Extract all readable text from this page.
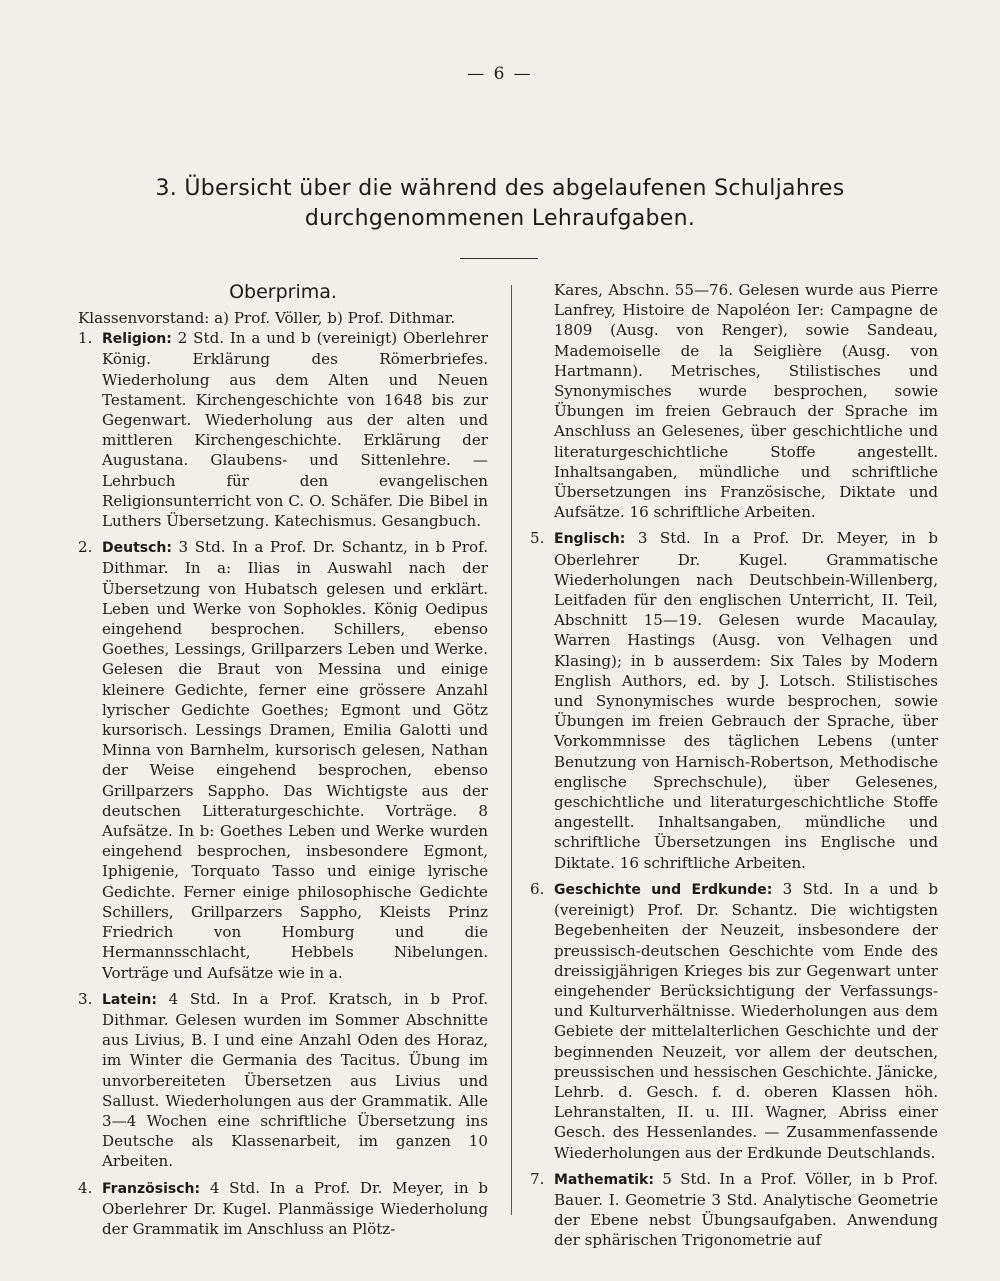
— 6 —
3. Übersicht über die während des abgelaufenen Schuljahres
durchgenommenen Lehraufgaben.

Oberprima.

Klassenvorstand: a) Prof. Völler, b) Prof. Dithmar.

1. Religion: 2 Std. In a und b (vereinigt) Oberlehrer König. Erklärung des Römerbriefes. Wiederholung aus dem Alten und Neuen Testament. Kirchengeschichte von 1648 bis zur Gegenwart. Wiederholung aus der alten und mittleren Kirchengeschichte. Erklärung der Augustana. Glaubens- und Sittenlehre. — Lehrbuch für den evangelischen Religionsunterricht von C. O. Schäfer. Die Bibel in Luthers Übersetzung. Katechismus. Gesangbuch.

2. Deutsch: 3 Std. In a Prof. Dr. Schantz, in b Prof. Dithmar. In a: Ilias in Auswahl nach der Übersetzung von Hubatsch gelesen und erklärt. Leben und Werke von Sophokles. König Oedipus eingehend besprochen. Schillers, ebenso Goethes, Lessings, Grillparzers Leben und Werke. Gelesen die Braut von Messina und einige kleinere Gedichte, ferner eine grössere Anzahl lyrischer Gedichte Goethes; Egmont und Götz kursorisch. Lessings Dramen, Emilia Galotti und Minna von Barnhelm, kursorisch gelesen, Nathan der Weise eingehend besprochen, ebenso Grillparzers Sappho. Das Wichtigste aus der deutschen Litteraturgeschichte. Vorträge. 8 Aufsätze. In b: Goethes Leben und Werke wurden eingehend besprochen, insbesondere Egmont, Iphigenie, Torquato Tasso und einige lyrische Gedichte. Ferner einige philosophische Gedichte Schillers, Grillparzers Sappho, Kleists Prinz Friedrich von Homburg und die Hermannsschlacht, Hebbels Nibelungen. Vorträge und Aufsätze wie in a.

3. Latein: 4 Std. In a Prof. Kratsch, in b Prof. Dithmar. Gelesen wurden im Sommer Abschnitte aus Livius, B. I und eine Anzahl Oden des Horaz, im Winter die Germania des Tacitus. Übung im unvorbereiteten Übersetzen aus Livius und Sallust. Wiederholungen aus der Grammatik. Alle 3—4 Wochen eine schriftliche Übersetzung ins Deutsche als Klassenarbeit, im ganzen 10 Arbeiten.

4. Französisch: 4 Std. In a Prof. Dr. Meyer, in b Oberlehrer Dr. Kugel. Planmässige Wiederholung der Grammatik im Anschluss an Plötz-

Kares, Abschn. 55—76. Gelesen wurde aus Pierre Lanfrey, Histoire de Napoléon Ier: Campagne de 1809 (Ausg. von Renger), sowie Sandeau, Mademoiselle de la Seiglière (Ausg. von Hartmann). Metrisches, Stilistisches und Synonymisches wurde besprochen, sowie Übungen im freien Gebrauch der Sprache im Anschluss an Gelesenes, über geschichtliche und literaturgeschichtliche Stoffe angestellt. Inhaltsangaben, mündliche und schriftliche Übersetzungen ins Französische, Diktate und Aufsätze. 16 schriftliche Arbeiten.

5. Englisch: 3 Std. In a Prof. Dr. Meyer, in b Oberlehrer Dr. Kugel. Grammatische Wiederholungen nach Deutschbein-Willenberg, Leitfaden für den englischen Unterricht, II. Teil, Abschnitt 15—19. Gelesen wurde Macaulay, Warren Hastings (Ausg. von Velhagen und Klasing); in b ausserdem: Six Tales by Modern English Authors, ed. by J. Lotsch. Stilistisches und Synonymisches wurde besprochen, sowie Übungen im freien Gebrauch der Sprache, über Vorkommnisse des täglichen Lebens (unter Benutzung von Harnisch-Robertson, Methodische englische Sprechschule), über Gelesenes, geschichtliche und literaturgeschichtliche Stoffe angestellt. Inhaltsangaben, mündliche und schriftliche Übersetzungen ins Englische und Diktate. 16 schriftliche Arbeiten.

6. Geschichte und Erdkunde: 3 Std. In a und b (vereinigt) Prof. Dr. Schantz. Die wichtigsten Begebenheiten der Neuzeit, insbesondere der preussisch-deutschen Geschichte vom Ende des dreissigjährigen Krieges bis zur Gegenwart unter eingehender Berücksichtigung der Verfassungs- und Kulturverhältnisse. Wiederholungen aus dem Gebiete der mittelalterlichen Geschichte und der beginnenden Neuzeit, vor allem der deutschen, preussischen und hessischen Geschichte. Jänicke, Lehrb. d. Gesch. f. d. oberen Klassen höh. Lehranstalten, II. u. III. Wagner, Abriss einer Gesch. des Hessenlandes. — Zusammenfassende Wiederholungen aus der Erdkunde Deutschlands.

7. Mathematik: 5 Std. In a Prof. Völler, in b Prof. Bauer. I. Geometrie 3 Std. Analytische Geometrie der Ebene nebst Übungsaufgaben. Anwendung der sphärischen Trigonometrie auf
